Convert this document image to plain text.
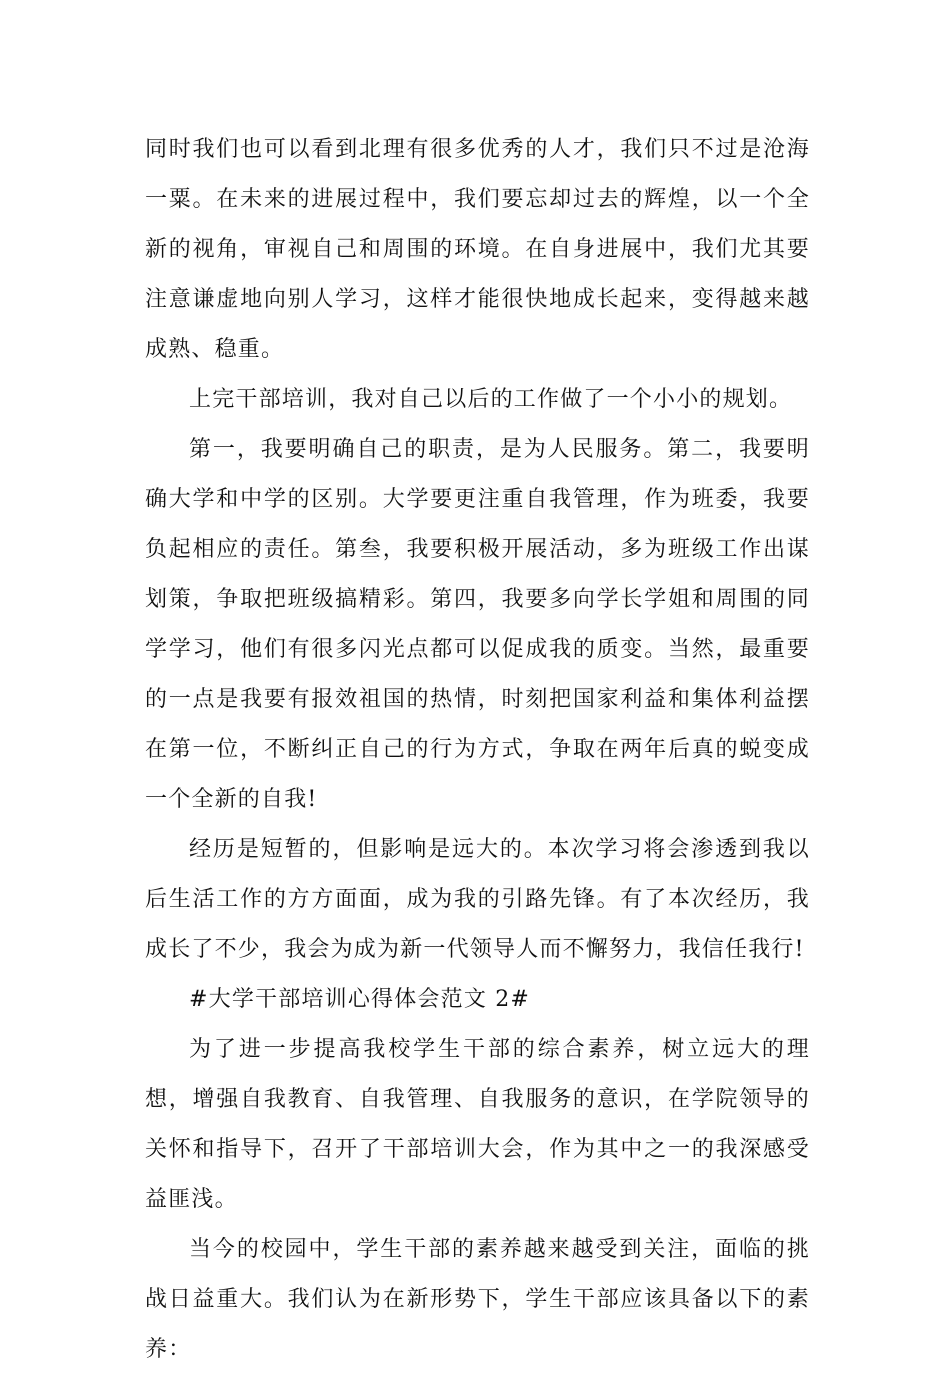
同时我们也可以看到北理有很多优秀的人才，我们只不过是沧海一粟。在未来的进展过程中，我们要忘却过去的辉煌，以一个全新的视角，审视自己和周围的环境。在自身进展中，我们尤其要注意谦虚地向别人学习，这样才能很快地成长起来，变得越来越成熟、稳重。

上完干部培训，我对自己以后的工作做了一个小小的规划。

第一，我要明确自己的职责，是为人民服务。第二，我要明确大学和中学的区别。大学要更注重自我管理，作为班委，我要负起相应的责任。第叁，我要积极开展活动，多为班级工作出谋划策，争取把班级搞精彩。第四，我要多向学长学姐和周围的同学学习，他们有很多闪光点都可以促成我的质变。当然，最重要的一点是我要有报效祖国的热情，时刻把国家利益和集体利益摆在第一位，不断纠正自己的行为方式，争取在两年后真的蜕变成一个全新的自我!

经历是短暂的，但影响是远大的。本次学习将会渗透到我以后生活工作的方方面面，成为我的引路先锋。有了本次经历，我成长了不少，我会为成为新一代领导人而不懈努力，我信任我行!

#大学干部培训心得体会范文 2#

为了进一步提高我校学生干部的综合素养，树立远大的理想，增强自我教育、自我管理、自我服务的意识，在学院领导的关怀和指导下，召开了干部培训大会，作为其中之一的我深感受益匪浅。

当今的校园中，学生干部的素养越来越受到关注，面临的挑战日益重大。我们认为在新形势下，学生干部应该具备以下的素养：
